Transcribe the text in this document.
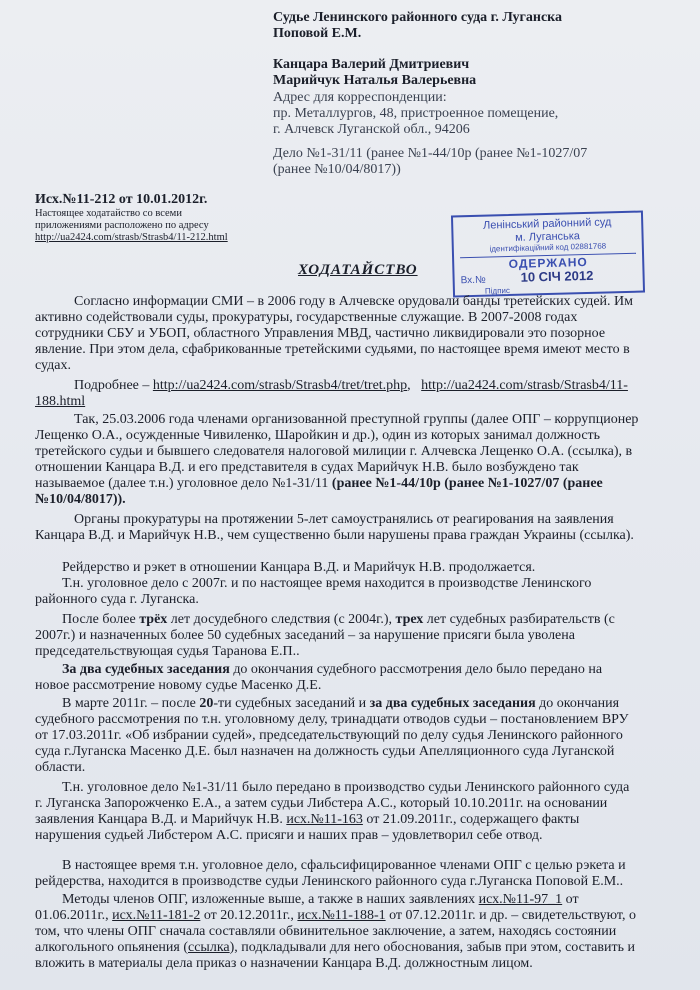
Судье Ленинского районного суда г. Луганска
Поповой Е.М.
Канцара Валерий Дмитриевич
Марийчук Наталья Валерьевна
Адрес для корреспонденции:
пр. Металлургов, 48, пристроенное помещение,
г. Алчевск Луганской обл., 94206
Дело №1-31/11 (ранее №1-44/10р (ранее №1-1027/07
(ранее №10/04/8017))
Исх.№11-212 от 10.01.2012г.
Настоящее ходатайство со всеми
приложениями расположено по адресу
http://ua2424.com/strasb/Strasb4/11-212.html
Ленінський районний суд
м. Луганська
ідентифікаційний код 02881768
ОДЕРЖАНО
Вх.№	10 СІЧ 2012
Підпис
ХОДАТАЙСТВО
Согласно информации СМИ – в 2006 году в Алчевске орудовали банды третейских судей. Им
активно содействовали суды, прокуратуры, государственные служащие. В 2007-2008 годах
сотрудники СБУ и УБОП, областного Управления МВД, частично ликвидировали это позорное
явление. При этом дела, сфабрикованные третейскими судьями, по настоящее время имеют место в
судах.
Подробнее – http://ua2424.com/strasb/Strasb4/tret/tret.php, http://ua2424.com/strasb/Strasb4/11-
188.html
Так, 25.03.2006 года членами организованной преступной группы (далее ОПГ – коррупционер
Лещенко О.А., осужденные Чивиленко, Шаройкин и др.), один из которых занимал должность
третейского судьи и бывшего следователя налоговой милиции г. Алчевска Лещенко О.А. (ссылка), в
отношении Канцара В.Д. и его представителя в судах Марийчук Н.В. было возбуждено так
называемое (далее т.н.) уголовное дело №1-31/11 (ранее №1-44/10р (ранее №1-1027/07 (ранее
№10/04/8017)).
Органы прокуратуры на протяжении 5-лет самоустранялись от реагирования на заявления
Канцара В.Д. и Марийчук Н.В., чем существенно были нарушены права граждан Украины (ссылка).
Рейдерство и рэкет в отношении Канцара В.Д. и Марийчук Н.В. продолжается.
Т.н. уголовное дело с 2007г. и по настоящее время находится в производстве Ленинского
районного суда г. Луганска.
После более трёх лет досудебного следствия (с 2004г.), трех лет судебных разбирательств (с
2007г.) и назначенных более 50 судебных заседаний – за нарушение присяги была уволена
председательствующая судья Таранова Е.П..
За два судебных заседания до окончания судебного рассмотрения дело было передано на
новое рассмотрение новому судье Масенко Д.Е.
В марте 2011г. – после 20-ти судебных заседаний и за два судебных заседания до окончания
судебного рассмотрения по т.н. уголовному делу, тринадцати отводов судьи – постановлением ВРУ
от 17.03.2011г. «Об избрании судей», председательствующий по делу судья Ленинского районного
суда г.Луганска Масенко Д.Е. был назначен на должность судьи Апелляционного суда Луганской
области.
Т.н. уголовное дело №1-31/11 было передано в производство судьи Ленинского районного суда
г. Луганска Запорожченко Е.А., а затем судьи Либстера А.С., который 10.10.2011г. на основании
заявления Канцара В.Д. и Марийчук Н.В. исх.№11-163 от 21.09.2011г., содержащего факты
нарушения судьей Либстером А.С. присяги и наших прав – удовлетворил себе отвод.
В настоящее время т.н. уголовное дело, сфальсифицированное членами ОПГ с целью рэкета и
рейдерства, находится в производстве судьи Ленинского районного суда г.Луганска Поповой Е.М..
Методы членов ОПГ, изложенные выше, а также в наших заявлениях исх.№11-97_1 от
01.06.2011г., исх.№11-181-2 от 20.12.2011г., исх.№11-188-1 от 07.12.2011г. и др. – свидетельствуют, о
том, что члены ОПГ сначала составляли обвинительное заключение, а затем, находясь состоянии
алкогольного опьянения (ссылка), подкладывали для него обоснования, забыв при этом, составить и
вложить в материалы дела приказ о назначении Канцара В.Д. должностным лицом.
